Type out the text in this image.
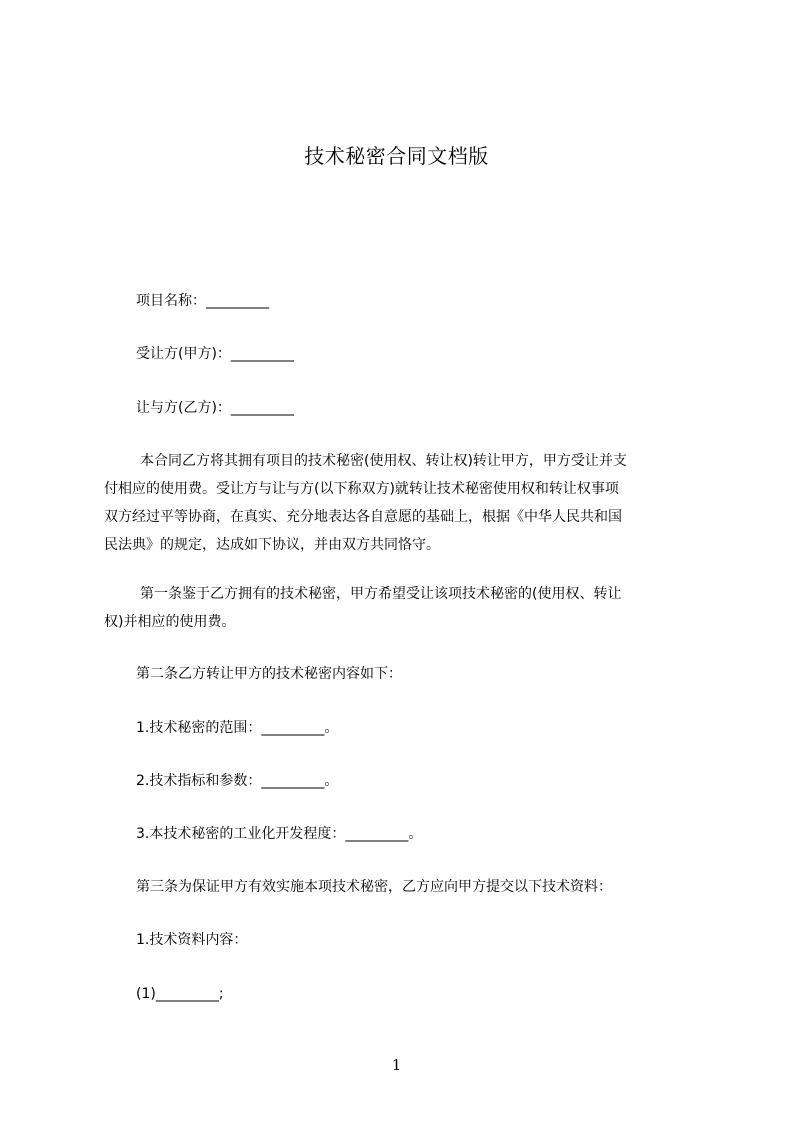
技术秘密合同文档版
项目名称：_________
受让方(甲方)：_________
让与方(乙方)：_________
本合同乙方将其拥有项目的技术秘密(使用权、转让权)转让甲方，甲方受让并支
付相应的使用费。受让方与让与方(以下称双方)就转让技术秘密使用权和转让权事项
双方经过平等协商，在真实、充分地表达各自意愿的基础上，根据《中华人民共和国
民法典》的规定，达成如下协议，并由双方共同恪守。
第一条鉴于乙方拥有的技术秘密，甲方希望受让该项技术秘密的(使用权、转让
权)并相应的使用费。
第二条乙方转让甲方的技术秘密内容如下：
1.技术秘密的范围：_________。
2.技术指标和参数：_________。
3.本技术秘密的工业化开发程度：_________。
第三条为保证甲方有效实施本项技术秘密，乙方应向甲方提交以下技术资料：
1.技术资料内容：
(1)_________;
1
